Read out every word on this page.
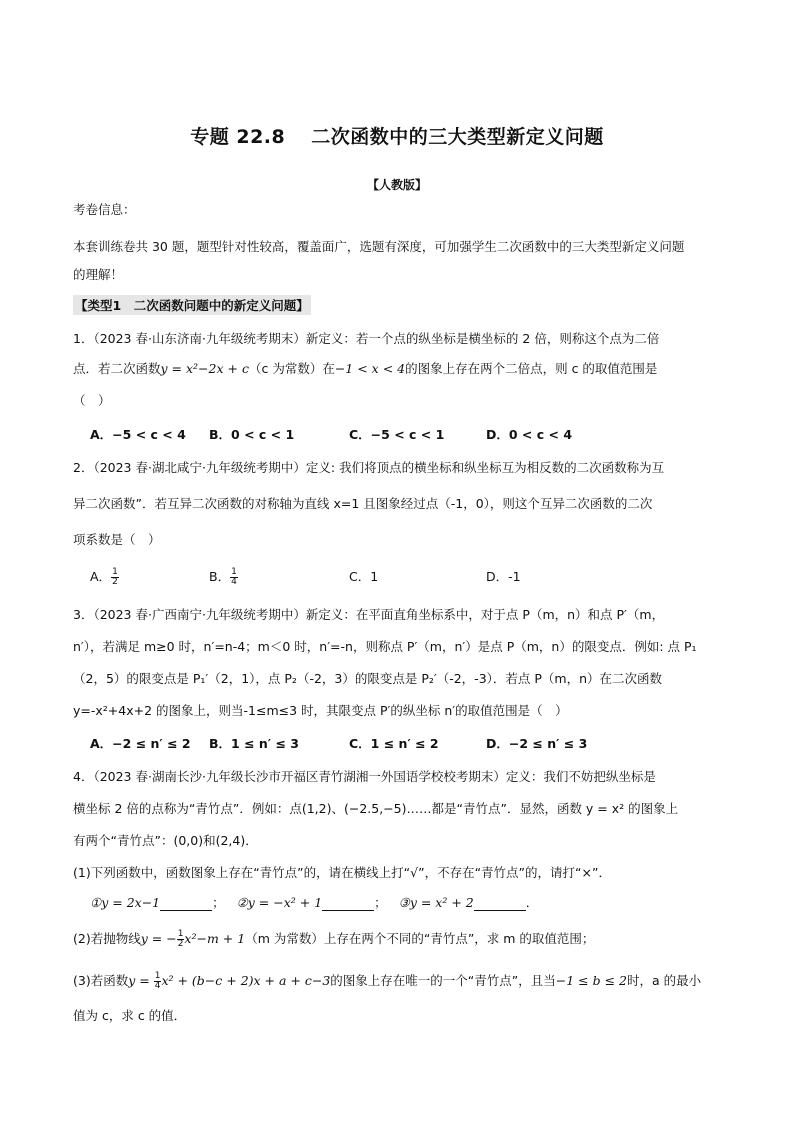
专题 22.8 二次函数中的三大类型新定义问题
【人教版】
考卷信息：
本套训练卷共 30 题，题型针对性较高，覆盖面广，选题有深度，可加强学生二次函数中的三大类型新定义问题
的理解！
【类型1　二次函数问题中的新定义问题】
1．（2023 春·山东济南·九年级统考期末）新定义：若一个点的纵坐标是横坐标的 2 倍，则称这个点为二倍
点．若二次函数y = x²−2x + c（c 为常数）在−1 < x < 4的图象上存在两个二倍点，则 c 的取值范围是
（　）
A．−5 < c < 4 B．0 < c < 1	C．−5 < c < 1	D．0 < c < 4
2．（2023 春·湖北咸宁·九年级统考期中）定义: 我们将顶点的横坐标和纵坐标互为相反数的二次函数称为互
异二次函数”．若互异二次函数的对称轴为直线 x=1 且图象经过点（-1，0），则这个互异二次函数的二次
项系数是（　）
A． $\frac{1}{2}$	B． $\frac{1}{4}$	C．1	D．-1
3．（2023 春·广西南宁·九年级统考期中）新定义：在平面直角坐标系中，对于点 P（m，n）和点 P′（m，
n′），若满足 m≥0 时，n′=n-4；m＜0 时，n′=-n，则称点 P′（m，n′）是点 P（m，n）的限变点．例如: 点 P₁
（2，5）的限变点是 P₁′（2，1），点 P₂（-2，3）的限变点是 P₂′（-2，-3）．若点 P（m，n）在二次函数
y=-x²+4x+2 的图象上，则当-1≤m≤3 时，其限变点 P′的纵坐标 n′的取值范围是（　）
A．−2 ≤ n′ ≤ 2 B．1 ≤ n′ ≤ 3	C．1 ≤ n′ ≤ 2	D．−2 ≤ n′ ≤ 3
4．（2023 春·湖南长沙·九年级长沙市开福区青竹湖湘一外国语学校校考期末）定义：我们不妨把纵坐标是
横坐标 2 倍的点称为“青竹点”．例如：点(1,2)、(−2.5,−5)……都是“青竹点”．显然，函数 y = x² 的图象上
有两个“青竹点”：(0,0)和(2,4)．
(1)下列函数中，函数图象上存在“青竹点”的，请在横线上打“√”，不存在“青竹点”的，请打“×”．
①y = 2x−1	； ②y = −x² + 1	； ③y = x² + 2	．
(2)若抛物线y = − $\frac{1}{2} x^2-m + 1(m$ 为常数）上存在两个不同的“青竹点”，求 m 的取值范围；
(3)若函数$y = \frac{1}{4} x^2 + (b-c + 2)x + a + c-3$的图象上存在唯一的一个“青竹点”，且当−1 ≤ b ≤ 2时，a 的最小
值为 c，求 c 的值．
